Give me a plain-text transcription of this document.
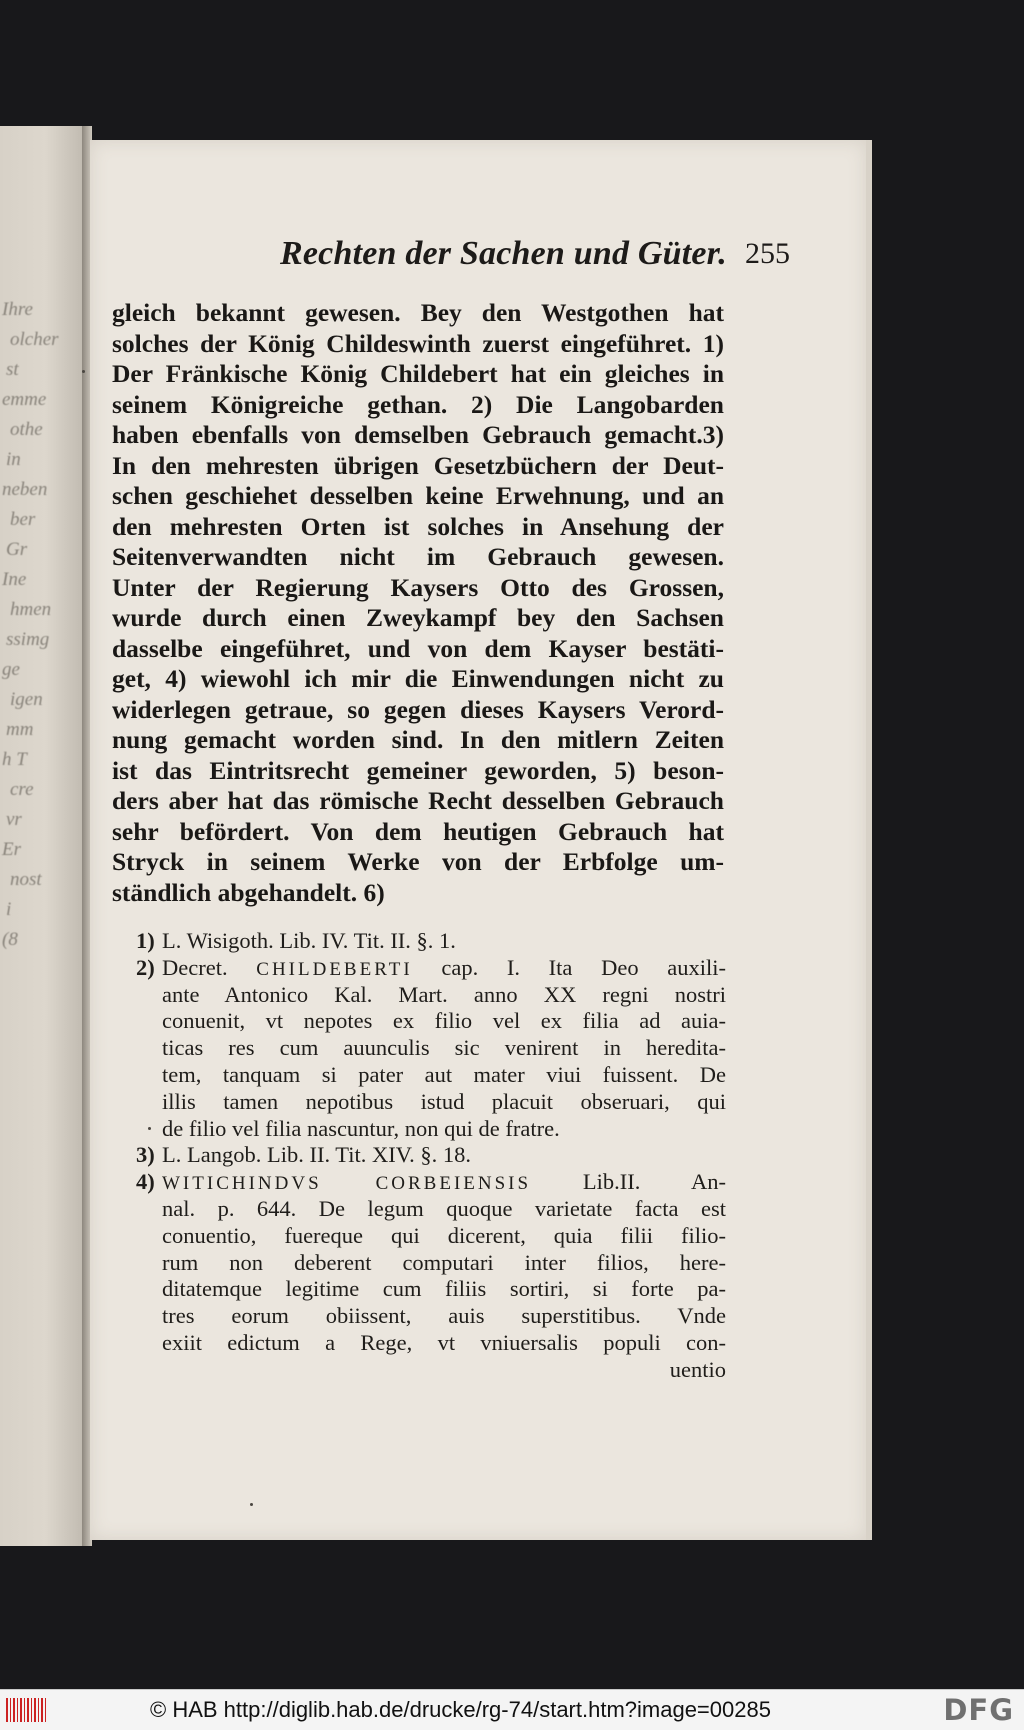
Ihre
olcher
st
emme
othe
in
neben
ber
Gr
Ine
hmen
ssimg
ge
igen
mm
h T
cre
vr
Er
nost
i
(8
Rechten der Sachen und Güter. 255
gleich bekannt gewesen. Bey den Westgothen hat
solches der König Childeswinth zuerst eingeführet. 1)
Der Fränkische König Childebert hat ein gleiches in
seinem Königreiche gethan. 2) Die Langobarden
haben ebenfalls von demselben Gebrauch gemacht.3)
In den mehresten übrigen Gesetzbüchern der Deut-
schen geschiehet desselben keine Erwehnung, und an
den mehresten Orten ist solches in Ansehung der
Seitenverwandten nicht im Gebrauch gewesen.
Unter der Regierung Kaysers Otto des Grossen,
wurde durch einen Zweykampf bey den Sachsen
dasselbe eingeführet, und von dem Kayser bestäti-
get, 4) wiewohl ich mir die Einwendungen nicht zu
widerlegen getraue, so gegen dieses Kaysers Verord-
nung gemacht worden sind. In den mitlern Zeiten
ist das Eintritsrecht gemeiner geworden, 5) beson-
ders aber hat das römische Recht desselben Gebrauch
sehr befördert. Von dem heutigen Gebrauch hat
Stryck in seinem Werke von der Erbfolge um-
ständlich abgehandelt. 6)
1) L. Wisigoth. Lib. IV. Tit. II. §. 1.
2) Decret. CHILDEBERTI cap. I. Ita Deo auxili-
ante Antonico Kal. Mart. anno XX regni nostri
conuenit, vt nepotes ex filio vel ex filia ad auia-
ticas res cum auunculis sic venirent in heredita-
tem, tanquam si pater aut mater viui fuissent. De
illis tamen nepotibus istud placuit obseruari, qui
de filio vel filia nascuntur, non qui de fratre.
3) L. Langob. Lib. II. Tit. XIV. §. 18.
4) WITICHINDVS CORBEIENSIS Lib.II. An-
nal. p. 644. De legum quoque varietate facta est
conuentio, fuereque qui dicerent, quia filii filio-
rum non deberent computari inter filios, here-
ditatemque legitime cum filiis sortiri, si forte pa-
tres eorum obiissent, auis superstitibus. Vnde
exiit edictum a Rege, vt vniuersalis populi con-
uentio
© HAB http://diglib.hab.de/drucke/rg-74/start.htm?image=00285	DFG
